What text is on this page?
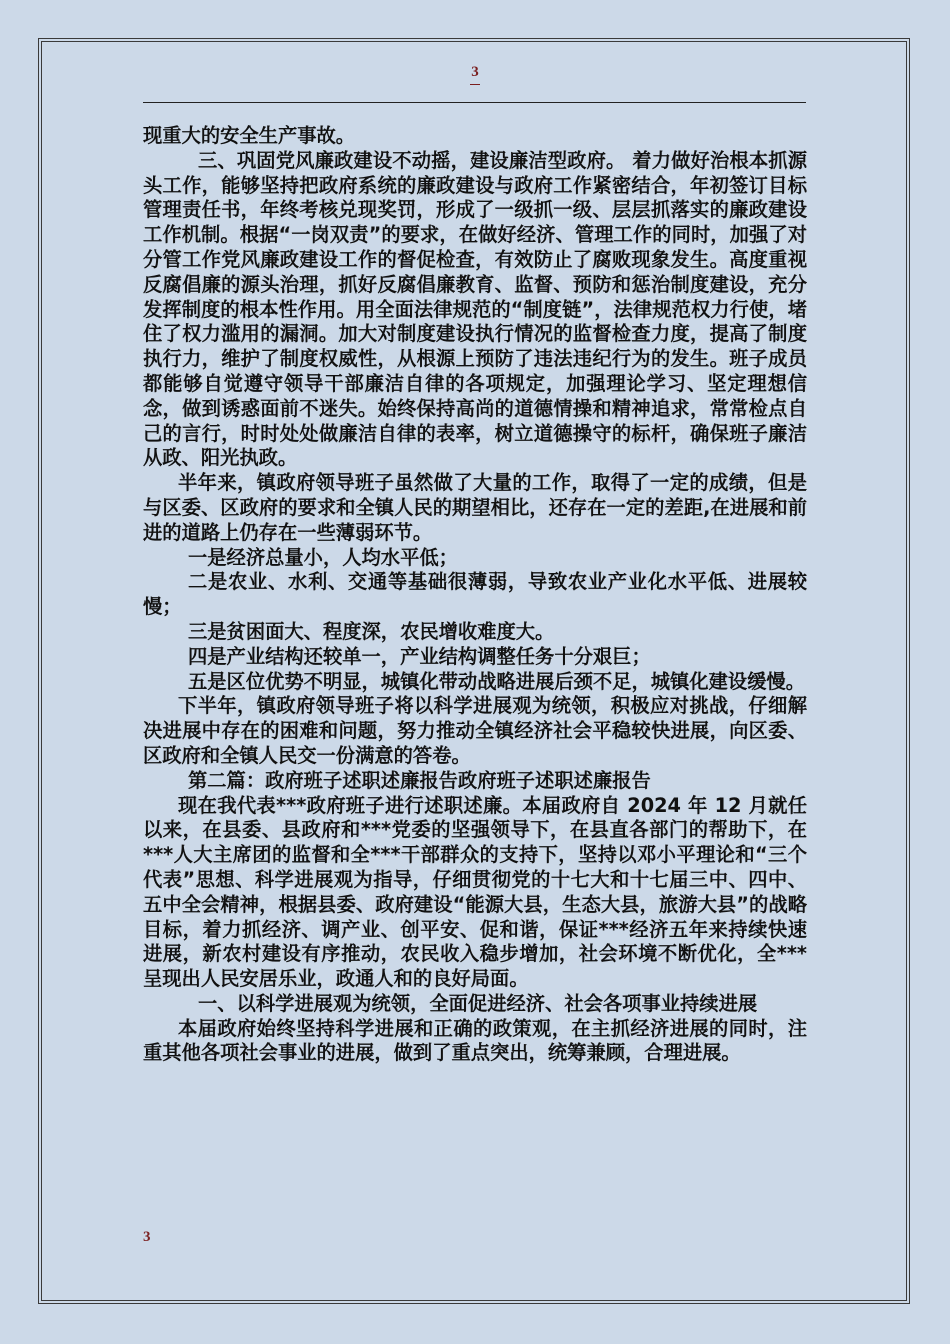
3

现重大的安全生产事故。

三、巩固党风廉政建设不动摇，建设廉洁型政府。 着力做好治根本抓源头工作，能够坚持把政府系统的廉政建设与政府工作紧密结合，年初签订目标管理责任书，年终考核兑现奖罚，形成了一级抓一级、层层抓落实的廉政建设工作机制。根据“一岗双责”的要求，在做好经济、管理工作的同时，加强了对分管工作党风廉政建设工作的督促检查，有效防止了腐败现象发生。高度重视反腐倡廉的源头治理，抓好反腐倡廉教育、监督、预防和惩治制度建设，充分发挥制度的根本性作用。用全面法律规范的“制度链”，法律规范权力行使，堵住了权力滥用的漏洞。加大对制度建设执行情况的监督检查力度，提高了制度执行力，维护了制度权威性，从根源上预防了违法违纪行为的发生。班子成员都能够自觉遵守领导干部廉洁自律的各项规定，加强理论学习、坚定理想信念，做到诱惑面前不迷失。始终保持高尚的道德情操和精神追求，常常检点自己的言行，时时处处做廉洁自律的表率，树立道德操守的标杆，确保班子廉洁从政、阳光执政。

半年来，镇政府领导班子虽然做了大量的工作，取得了一定的成绩，但是与区委、区政府的要求和全镇人民的期望相比，还存在一定的差距,在进展和前进的道路上仍存在一些薄弱环节。

一是经济总量小，人均水平低；

二是农业、水利、交通等基础很薄弱，导致农业产业化水平低、进展较慢；

三是贫困面大、程度深，农民增收难度大。

四是产业结构还较单一，产业结构调整任务十分艰巨；

五是区位优势不明显，城镇化带动战略进展后颈不足，城镇化建设缓慢。

下半年，镇政府领导班子将以科学进展观为统领，积极应对挑战，仔细解决进展中存在的困难和问题，努力推动全镇经济社会平稳较快进展，向区委、区政府和全镇人民交一份满意的答卷。

第二篇：政府班子述职述廉报告政府班子述职述廉报告

现在我代表***政府班子进行述职述廉。本届政府自 2024 年 12 月就任以来，在县委、县政府和***党委的坚强领导下，在县直各部门的帮助下，在***人大主席团的监督和全***干部群众的支持下，坚持以邓小平理论和“三个代表”思想、科学进展观为指导，仔细贯彻党的十七大和十七届三中、四中、五中全会精神，根据县委、政府建设“能源大县，生态大县，旅游大县”的战略目标，着力抓经济、调产业、创平安、促和谐，保证***经济五年来持续快速进展，新农村建设有序推动，农民收入稳步增加，社会环境不断优化，全***呈现出人民安居乐业，政通人和的良好局面。

一、以科学进展观为统领，全面促进经济、社会各项事业持续进展

本届政府始终坚持科学进展和正确的政策观，在主抓经济进展的同时，注重其他各项社会事业的进展，做到了重点突出，统筹兼顾，合理进展。

3
